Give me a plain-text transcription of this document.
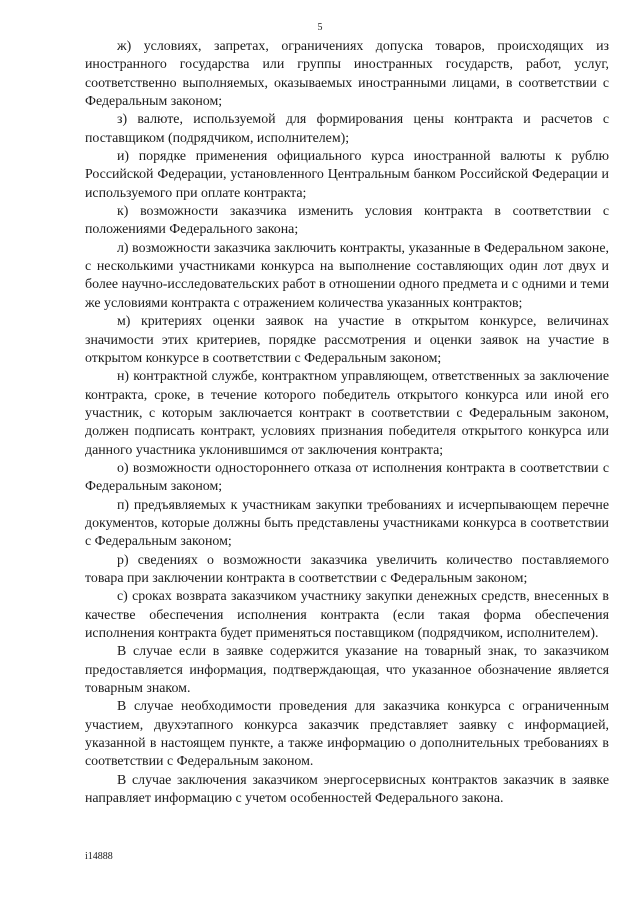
5

ж) условиях, запретах, ограничениях допуска товаров, происходящих из иностранного государства или группы иностранных государств, работ, услуг, соответственно выполняемых, оказываемых иностранными лицами, в соответствии с Федеральным законом;

з) валюте, используемой для формирования цены контракта и расчетов с поставщиком (подрядчиком, исполнителем);

и) порядке применения официального курса иностранной валюты к рублю Российской Федерации, установленного Центральным банком Российской Федерации и используемого при оплате контракта;

к) возможности заказчика изменить условия контракта в соответствии с положениями Федерального закона;

л) возможности заказчика заключить контракты, указанные в Федеральном законе, с несколькими участниками конкурса на выполнение составляющих один лот двух и более научно-исследовательских работ в отношении одного предмета и с одними и теми же условиями контракта с отражением количества указанных контрактов;

м) критериях оценки заявок на участие в открытом конкурсе, величинах значимости этих критериев, порядке рассмотрения и оценки заявок на участие в открытом конкурсе в соответствии с Федеральным законом;

н) контрактной службе, контрактном управляющем, ответственных за заключение контракта, сроке, в течение которого победитель открытого конкурса или иной его участник, с которым заключается контракт в соответствии с Федеральным законом, должен подписать контракт, условиях признания победителя открытого конкурса или данного участника уклонившимся от заключения контракта;

о) возможности одностороннего отказа от исполнения контракта в соответствии с Федеральным законом;

п) предъявляемых к участникам закупки требованиях и исчерпывающем перечне документов, которые должны быть представлены участниками конкурса в соответствии с Федеральным законом;

р) сведениях о возможности заказчика увеличить количество поставляемого товара при заключении контракта в соответствии с Федеральным законом;

с) сроках возврата заказчиком участнику закупки денежных средств, внесенных в качестве обеспечения исполнения контракта (если такая форма обеспечения исполнения контракта будет применяться поставщиком (подрядчиком, исполнителем).

В случае если в заявке содержится указание на товарный знак, то заказчиком предоставляется информация, подтверждающая, что указанное обозначение является товарным знаком.

В случае необходимости проведения для заказчика конкурса с ограниченным участием, двухэтапного конкурса заказчик представляет заявку с информацией, указанной в настоящем пункте, а также информацию о дополнительных требованиях в соответствии с Федеральным законом.

В случае заключения заказчиком энергосервисных контрактов заказчик в заявке направляет информацию с учетом особенностей Федерального закона.

i14888
